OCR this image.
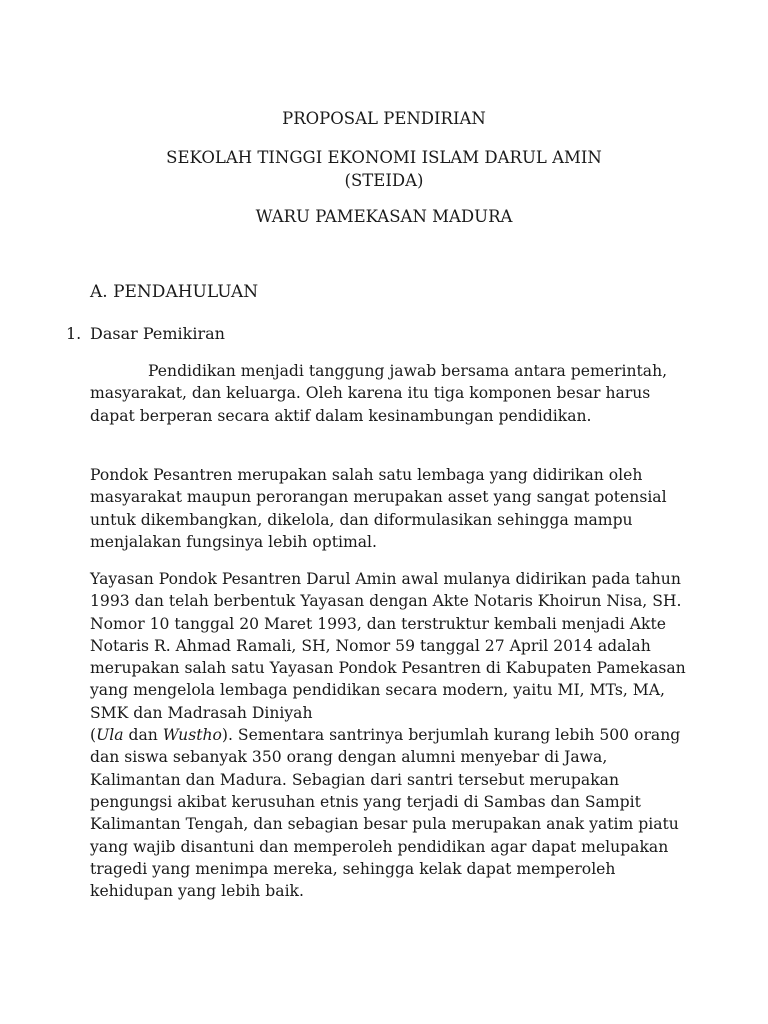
PROPOSAL PENDIRIAN
SEKOLAH TINGGI EKONOMI ISLAM DARUL AMIN
(STEIDA)
WARU PAMEKASAN MADURA
A. PENDAHULUAN
1. Dasar Pemikiran

Pendidikan menjadi tanggung jawab bersama antara pemerintah, masyarakat, dan keluarga. Oleh karena itu tiga komponen besar harus dapat berperan secara aktif dalam kesinambungan pendidikan.

Pondok Pesantren merupakan salah satu lembaga yang didirikan oleh masyarakat maupun perorangan merupakan asset yang sangat potensial untuk dikembangkan, dikelola, dan diformulasikan sehingga mampu menjalakan fungsinya lebih optimal.

Yayasan Pondok Pesantren Darul Amin awal mulanya didirikan pada tahun 1993 dan telah berbentuk Yayasan dengan Akte Notaris Khoirun Nisa, SH. Nomor 10 tanggal 20 Maret 1993, dan terstruktur kembali menjadi Akte Notaris R. Ahmad Ramali, SH, Nomor 59 tanggal 27 April 2014 adalah merupakan salah satu Yayasan Pondok Pesantren di Kabupaten Pamekasan yang mengelola lembaga pendidikan secara modern, yaitu MI, MTs, MA, SMK dan Madrasah Diniyah
(Ula dan Wustho). Sementara santrinya berjumlah kurang lebih 500 orang dan siswa sebanyak 350 orang dengan alumni menyebar di Jawa, Kalimantan dan Madura. Sebagian dari santri tersebut merupakan pengungsi akibat kerusuhan etnis yang terjadi di Sambas dan Sampit Kalimantan Tengah, dan sebagian besar pula merupakan anak yatim piatu yang wajib disantuni dan memperoleh pendidikan agar dapat melupakan tragedi yang menimpa mereka, sehingga kelak dapat memperoleh kehidupan yang lebih baik.
